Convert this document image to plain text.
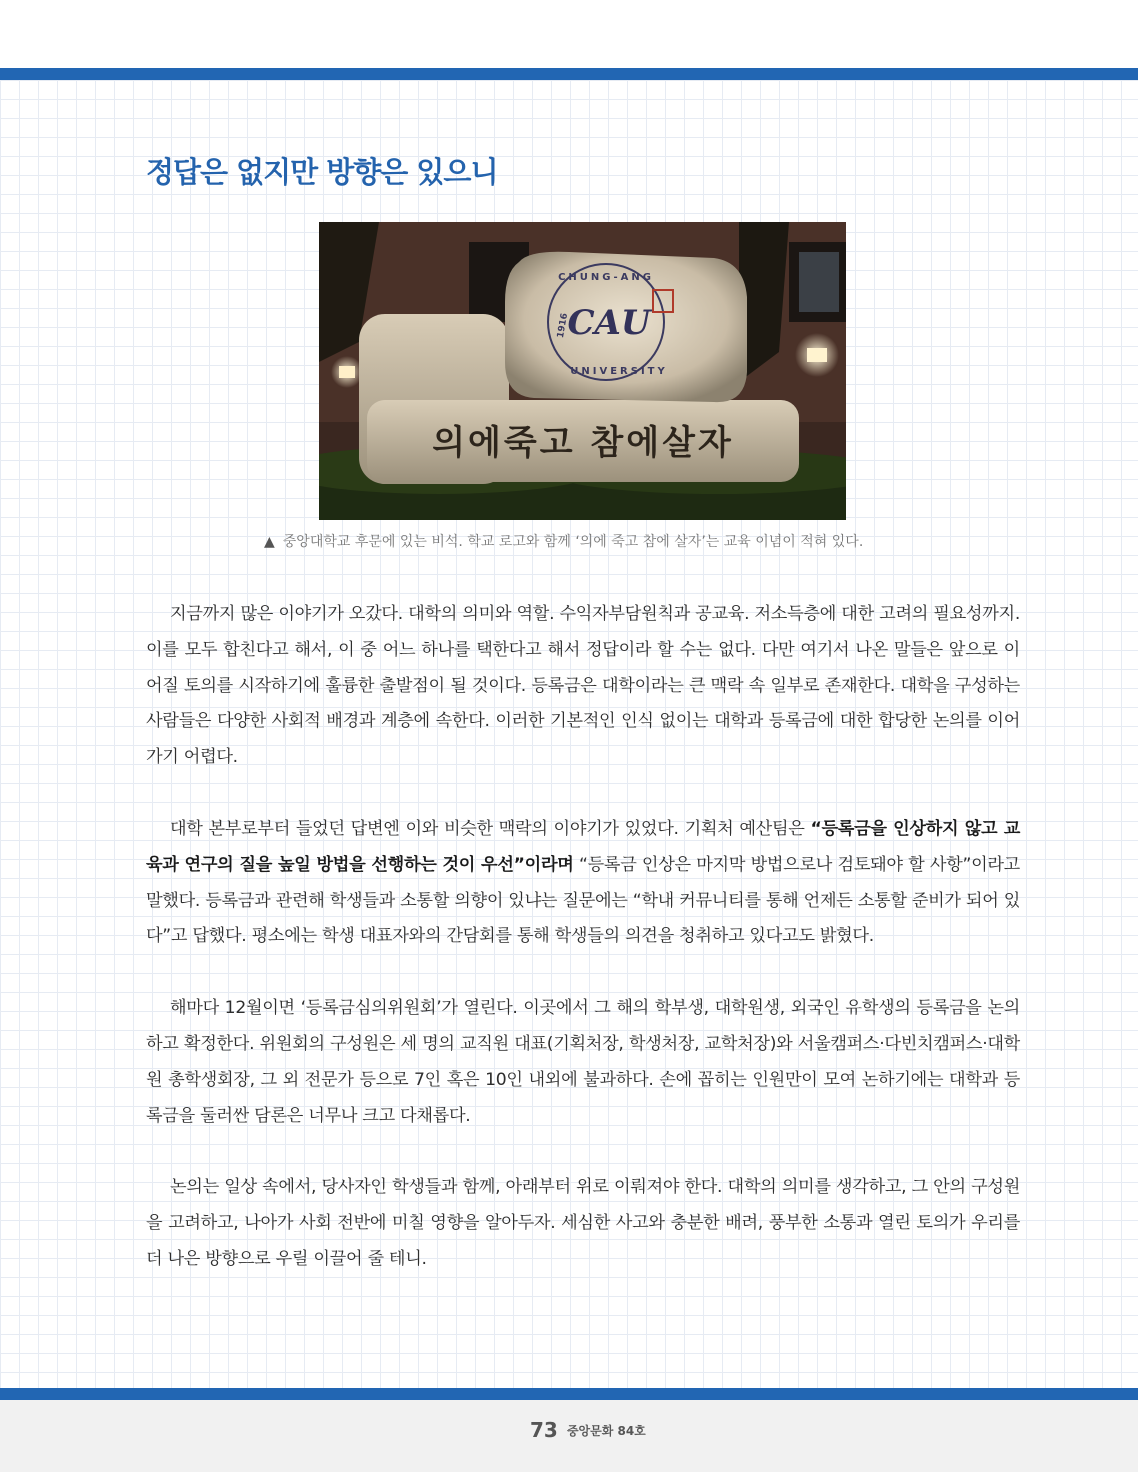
정답은 없지만 방향은 있으니
CHUNG-ANG
UNIVERSITY
1916
CAU
의에죽고 참에살자
▲ 중앙대학교 후문에 있는 비석. 학교 로고와 함께 ‘의에 죽고 참에 살자’는 교육 이념이 적혀 있다.

지금까지 많은 이야기가 오갔다. 대학의 의미와 역할. 수익자부담원칙과 공교육. 저소득층에 대한 고려의 필요성까지. 이를 모두 합친다고 해서, 이 중 어느 하나를 택한다고 해서 정답이라 할 수는 없다. 다만 여기서 나온 말들은 앞으로 이어질 토의를 시작하기에 훌륭한 출발점이 될 것이다. 등록금은 대학이라는 큰 맥락 속 일부로 존재한다. 대학을 구성하는 사람들은 다양한 사회적 배경과 계층에 속한다. 이러한 기본적인 인식 없이는 대학과 등록금에 대한 합당한 논의를 이어가기 어렵다.

대학 본부로부터 들었던 답변엔 이와 비슷한 맥락의 이야기가 있었다. 기획처 예산팀은 “등록금을 인상하지 않고 교육과 연구의 질을 높일 방법을 선행하는 것이 우선”이라며 “등록금 인상은 마지막 방법으로나 검토돼야 할 사항”이라고 말했다. 등록금과 관련해 학생들과 소통할 의향이 있냐는 질문에는 “학내 커뮤니티를 통해 언제든 소통할 준비가 되어 있다”고 답했다. 평소에는 학생 대표자와의 간담회를 통해 학생들의 의견을 청취하고 있다고도 밝혔다.

해마다 12월이면 ‘등록금심의위원회’가 열린다. 이곳에서 그 해의 학부생, 대학원생, 외국인 유학생의 등록금을 논의하고 확정한다. 위원회의 구성원은 세 명의 교직원 대표(기획처장, 학생처장, 교학처장)와 서울캠퍼스·다빈치캠퍼스·대학원 총학생회장, 그 외 전문가 등으로 7인 혹은 10인 내외에 불과하다. 손에 꼽히는 인원만이 모여 논하기에는 대학과 등록금을 둘러싼 담론은 너무나 크고 다채롭다.

논의는 일상 속에서, 당사자인 학생들과 함께, 아래부터 위로 이뤄져야 한다. 대학의 의미를 생각하고, 그 안의 구성원을 고려하고, 나아가 사회 전반에 미칠 영향을 알아두자. 세심한 사고와 충분한 배려, 풍부한 소통과 열린 토의가 우리를 더 나은 방향으로 우릴 이끌어 줄 테니.

73 중앙문화 84호
